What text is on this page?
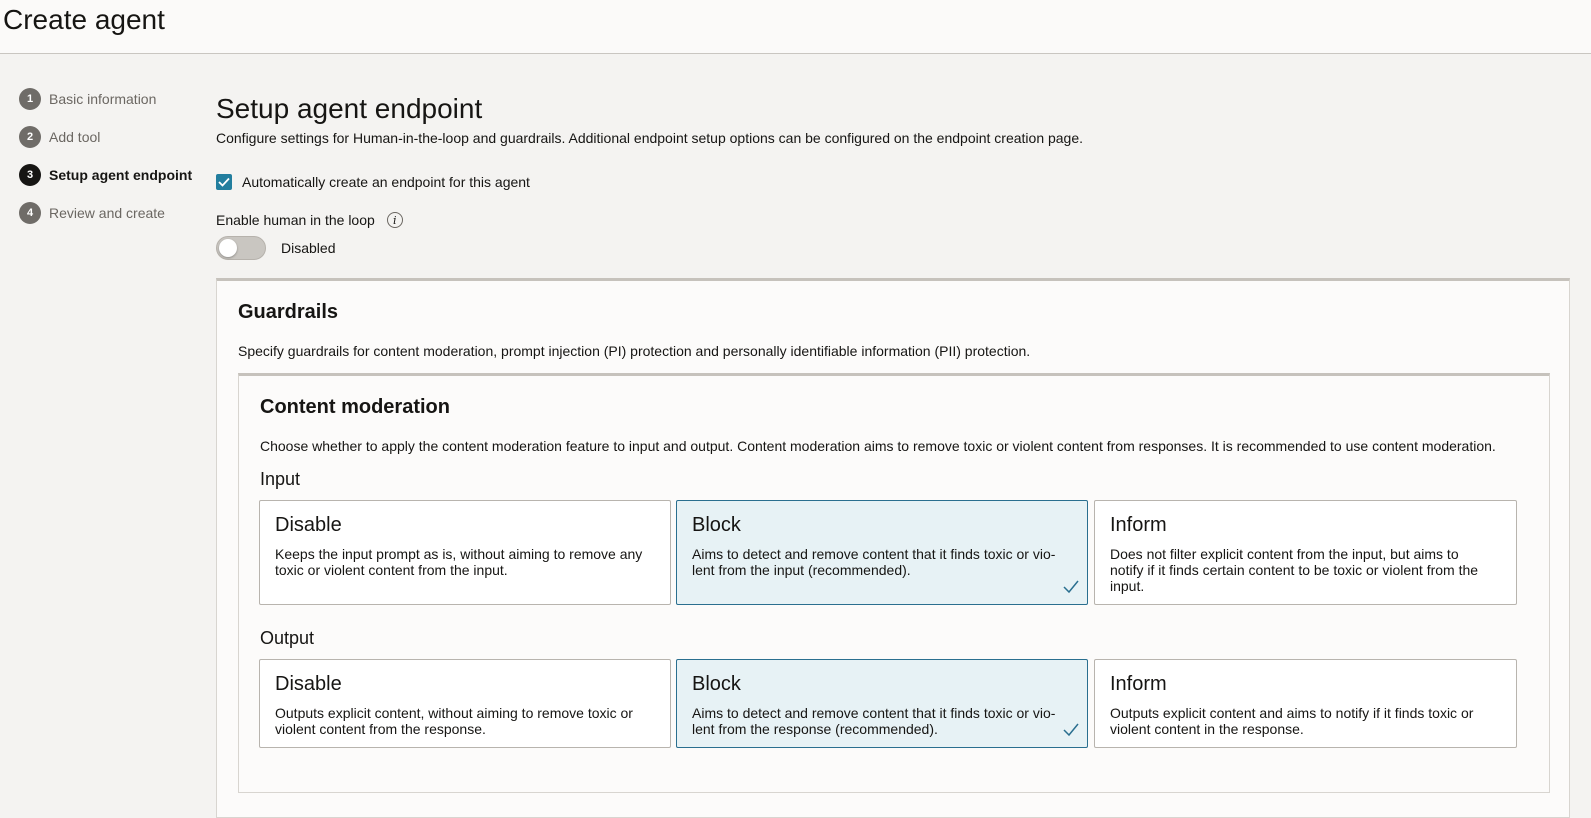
Create agent
1	Basic information
2	Add tool
3	Setup agent endpoint
4	Review and create
Setup agent endpoint

Configure settings for Human-in-the-loop and guardrails. Additional endpoint setup options can be configured on the endpoint creation page.

Automatically create an endpoint for this agent
Enable human in the loop	i
Disabled
Guardrails

Specify guardrails for content moderation, prompt injection (PI) protection and personally identifiable information (PII) protection.

Content moderation

Choose whether to apply the content moderation feature to input and output. Content moderation aims to remove toxic or violent content from responses. It is recommended to use content moderation.

Input
Disable
Keeps the input prompt as is, without aiming to remove any toxic or violent content from the input.
Block
Aims to detect and remove content that it finds toxic or vio-lent from the input (recommended).
Inform
Does not filter explicit content from the input, but aims to notify if it finds certain content to be toxic or violent from the input.
Output
Disable
Outputs explicit content, without aiming to remove toxic or violent content from the response.
Block
Aims to detect and remove content that it finds toxic or vio-lent from the response (recommended).
Inform
Outputs explicit content and aims to notify if it finds toxic or violent content in the response.
